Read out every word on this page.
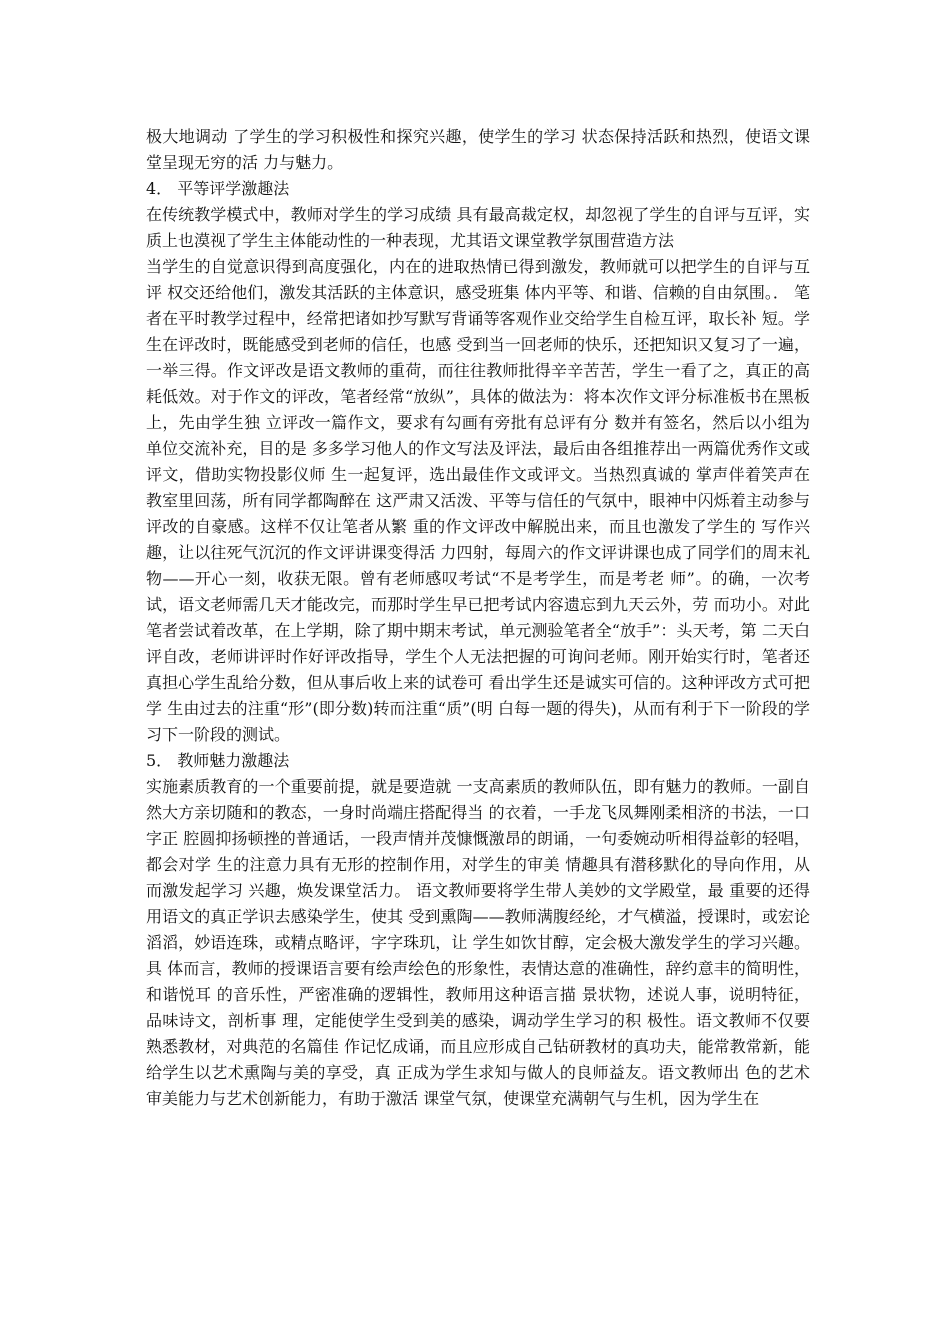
极大地调动 了学生的学习积极性和探究兴趣，使学生的学习 状态保持活跃和热烈，使语文课堂呈现无穷的活 力与魅力。

4． 平等评学激趣法

在传统教学模式中，教师对学生的学习成绩 具有最高裁定权，却忽视了学生的自评与互评，实 质上也漠视了学生主体能动性的一种表现，尤其语文课堂教学氛围营造方法

当学生的自觉意识得到高度强化，内在的进取热情已得到激发，教师就可以把学生的自评与互评 权交还给他们，激发其活跃的主体意识，感受班集 体内平等、和谐、信赖的自由氛围。． 笔者在平时教学过程中，经常把诸如抄写默写背诵等客观作业交给学生自检互评，取长补 短。学生在评改时，既能感受到老师的信任，也感 受到当一回老师的快乐，还把知识又复习了一遍，一举三得。作文评改是语文教师的重荷，而往往教师批得辛辛苦苦，学生一看了之，真正的高耗低效。对于作文的评改，笔者经常“放纵”，具体的做法为：将本次作文评分标准板书在黑板上，先由学生独 立评改一篇作文，要求有勾画有旁批有总评有分 数并有签名，然后以小组为单位交流补充，目的是 多多学习他人的作文写法及评法，最后由各组推荐出一两篇优秀作文或评文，借助实物投影仪师 生一起复评，选出最佳作文或评文。当热烈真诚的 掌声伴着笑声在教室里回荡，所有同学都陶醉在 这严肃又活泼、平等与信任的气氛中，眼神中闪烁着主动参与评改的自豪感。这样不仅让笔者从繁 重的作文评改中解脱出来，而且也激发了学生的 写作兴趣，让以往死气沉沉的作文评讲课变得活 力四射，每周六的作文评讲课也成了同学们的周末礼物——开心一刻，收获无限。曾有老师感叹考试“不是考学生，而是考老 师”。的确，一次考试，语文老师需几天才能改完，而那时学生早已把考试内容遗忘到九天云外，劳 而功小。对此笔者尝试着改革，在上学期，除了期中期末考试，单元测验笔者全“放手”：头天考，第 二天白评自改，老师讲评时作好评改指导，学生个人无法把握的可询问老师。刚开始实行时，笔者还 真担心学生乱给分数，但从事后收上来的试卷可 看出学生还是诚实可信的。这种评改方式可把学 生由过去的注重“形”(即分数)转而注重“质”(明 白每一题的得失)，从而有利于下一阶段的学习下一阶段的测试。

5． 教师魅力激趣法

实施素质教育的一个重要前提，就是要造就 一支高素质的教师队伍，即有魅力的教师。一副自 然大方亲切随和的教态，一身时尚端庄搭配得当 的衣着，一手龙飞凤舞刚柔相济的书法，一口字正 腔圆抑扬顿挫的普通话，一段声情并茂慷慨激昂的朗诵，一句委婉动听相得益彰的轻唱，都会对学 生的注意力具有无形的控制作用，对学生的审美 情趣具有潜移默化的导向作用，从而激发起学习 兴趣，焕发课堂活力。 语文教师要将学生带人美妙的文学殿堂，最 重要的还得用语文的真正学识去感染学生，使其 受到熏陶——教师满腹经纶，才气横溢，授课时，或宏论滔滔，妙语连珠，或精点略评，字字珠玑，让 学生如饮甘醇，定会极大激发学生的学习兴趣。具 体而言，教师的授课语言要有绘声绘色的形象性，表情达意的准确性，辞约意丰的简明性，和谐悦耳 的音乐性，严密准确的逻辑性，教师用这种语言描 景状物，述说人事，说明特征，品味诗文，剖析事 理，定能使学生受到美的感染，调动学生学习的积 极性。语文教师不仅要熟悉教材，对典范的名篇佳 作记忆成诵，而且应形成自己钻研教材的真功夫，能常教常新，能给学生以艺术熏陶与美的享受，真 正成为学生求知与做人的良师益友。语文教师出 色的艺术审美能力与艺术创新能力，有助于激活 课堂气氛，使课堂充满朝气与生机，因为学生在
